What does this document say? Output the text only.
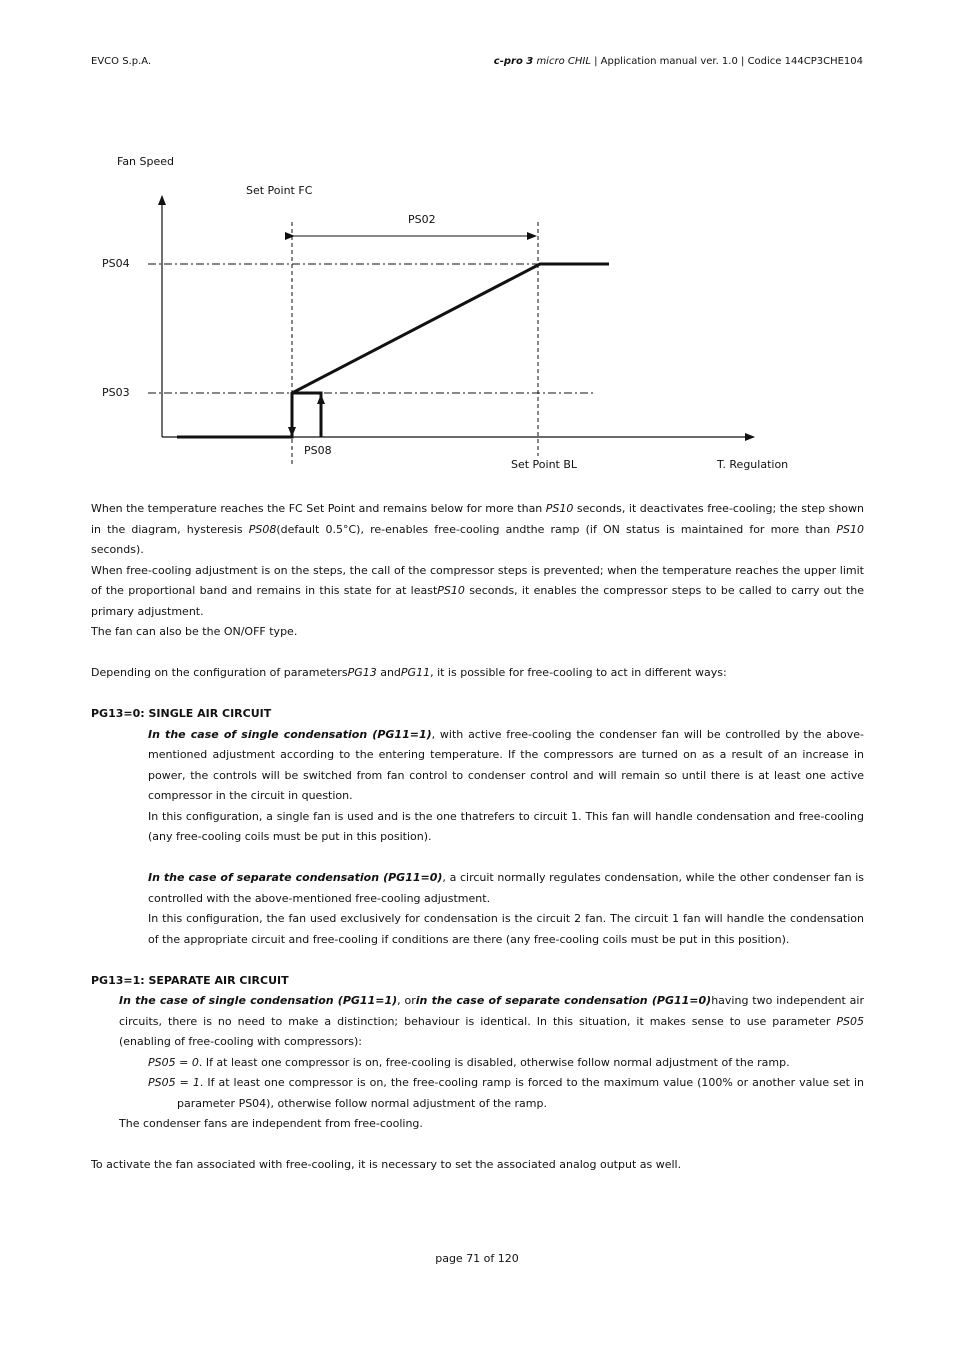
EVCO S.p.A.	c-pro 3 micro CHIL | Application manual ver. 1.0 | Codice 144CP3CHE104
Fan Speed
Set Point FC
PS02
PS04
PS03
PS08
Set Point BL	T. Regulation

When the temperature reaches the FC Set Point and remains below for more than PS10 seconds, it deactivates free-cooling; the step shown in the diagram, hysteresis PS08(default 0.5°C), re-enables free-cooling andthe ramp (if ON status is maintained for more than PS10 seconds).

When free-cooling adjustment is on the steps, the call of the compressor steps is prevented; when the temperature reaches the upper limit of the proportional band and remains in this state for at leastPS10 seconds, it enables the compressor steps to be called to carry out the primary adjustment.

The fan can also be the ON/OFF type.

Depending on the configuration of parametersPG13 andPG11, it is possible for free-cooling to act in different ways:

PG13=0: SINGLE AIR CIRCUIT

In the case of single condensation (PG11=1), with active free-cooling the condenser fan will be controlled by the above-mentioned adjustment according to the entering temperature. If the compressors are turned on as a result of an increase in power, the controls will be switched from fan control to condenser control and will remain so until there is at least one active compressor in the circuit in question.

In this configuration, a single fan is used and is the one thatrefers to circuit 1. This fan will handle condensation and free-cooling (any free-cooling coils must be put in this position).

In the case of separate condensation (PG11=0), a circuit normally regulates condensation, while the other condenser fan is controlled with the above-mentioned free-cooling adjustment.

In this configuration, the fan used exclusively for condensation is the circuit 2 fan. The circuit 1 fan will handle the condensation of the appropriate circuit and free-cooling if conditions are there (any free-cooling coils must be put in this position).

PG13=1: SEPARATE AIR CIRCUIT

In the case of single condensation (PG11=1), orin the case of separate condensation (PG11=0)having two independent air circuits, there is no need to make a distinction; behaviour is identical. In this situation, it makes sense to use parameter PS05 (enabling of free-cooling with compressors):

PS05 = 0. If at least one compressor is on, free-cooling is disabled, otherwise follow normal adjustment of the ramp.

PS05 = 1. If at least one compressor is on, the free-cooling ramp is forced to the maximum value (100% or another value set in parameter PS04), otherwise follow normal adjustment of the ramp.

The condenser fans are independent from free-cooling.

To activate the fan associated with free-cooling, it is necessary to set the associated analog output as well.

page 71 of 120
